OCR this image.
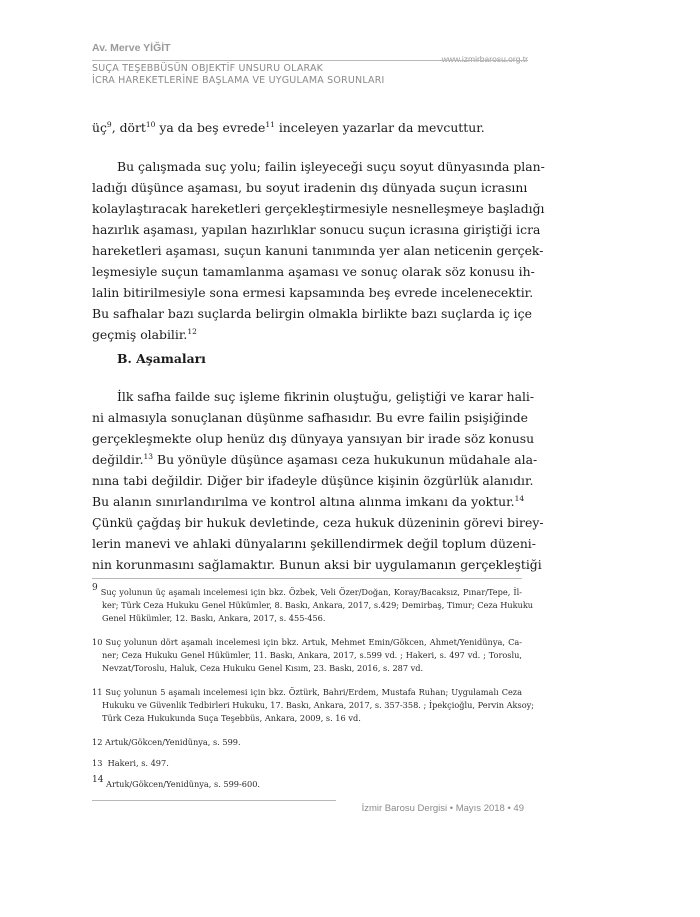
Av. Merve YİĞİT
www.izmirbarosu.org.tr
SUÇA TEŞEBBÜSÜN OBJEKTİF UNSURU OLARAK
İCRA HAREKETLERİNE BAŞLAMA VE UYGULAMA SORUNLARI
$üç^9$, dört$^{10}$ ya da beş evrede$^{11}$ inceleyen yazarlar da mevcuttur.
Bu çalışmada suç yolu; failin işleyeceği suçu soyut dünyasında plan-
ladığı düşünce aşaması, bu soyut iradenin dış dünyada suçun icrasını
kolaylaştıracak hareketleri gerçekleştirmesiyle nesnelleşmeye başladığı
hazırlık aşaması, yapılan hazırlıklar sonucu suçun icrasına giriştiği icra
hareketleri aşaması, suçun kanuni tanımında yer alan neticenin gerçek-
leşmesiyle suçun tamamlanma aşaması ve sonuç olarak söz konusu ih-
lalin bitirilmesiyle sona ermesi kapsamında beş evrede incelenecektir.
Bu safhalar bazı suçlarda belirgin olmakla birlikte bazı suçlarda iç içe
geçmiş olabilir.$^{12}$
B. Aşamaları
İlk safha failde suç işleme fikrinin oluştuğu, geliştiği ve karar hali-
ni almasıyla sonuçlanan düşünme safhasıdır. Bu evre failin psişiğinde
gerçekleşmekte olup henüz dış dünyaya yansıyan bir irade söz konusu
değildir.$^{13}$ Bu yönüyle düşünce aşaması ceza hukukunun müdahale ala-
nına tabi değildir. Diğer bir ifadeyle düşünce kişinin özgürlük alanıdır.
Bu alanın sınırlandırılma ve kontrol altına alınma imkanı da yoktur.$^{14}$
Çünkü çağdaş bir hukuk devletinde, ceza hukuk düzeninin görevi birey-
lerin manevi ve ahlaki dünyalarını şekillendirmek değil toplum düzeni-
nin korunmasını sağlamaktır. Bunun aksi bir uygulamanın gerçekleştiği
$^9$ Suç yolunun üç aşamalı incelemesi için bkz. Özbek, Veli Özer/Doğan, Koray/Bacaksız, Pınar/Tepe, İl-
ker; Türk Ceza Hukuku Genel Hükümler, 8. Baskı, Ankara, 2017, s.429; Demirbaş, Timur; Ceza Hukuku
Genel Hükümler, 12. Baskı, Ankara, 2017, s. 455-456.
10 Suç yolunun dört aşamalı incelemesi için bkz. Artuk, Mehmet Emin/Gökcen, Ahmet/Yenidünya, Ca-
ner; Ceza Hukuku Genel Hükümler, 11. Baskı, Ankara, 2017, s.599 vd. ; Hakeri, s. 497 vd. ; Toroslu,
Nevzat/Toroslu, Haluk, Ceza Hukuku Genel Kısım, 23. Baskı, 2016, s. 287 vd.
11 Suç yolunun 5 aşamalı incelemesi için bkz. Öztürk, Bahri/Erdem, Mustafa Ruhan; Uygulamalı Ceza
Hukuku ve Güvenlik Tedbirleri Hukuku, 17. Baskı, Ankara, 2017, s. 357-358. ; İpekçioğlu, Pervin Aksoy;
Türk Ceza Hukukunda Suça Teşebbüs, Ankara, 2009, s. 16 vd.
12 Artuk/Gökcen/Yenidünya, s. 599.
13  Hakeri, s. 497.
$^{14}$ Artuk/Gökcen/Yenidünya, s. 599-600.
İzmir Barosu Dergisi • Mayıs 2018 • 49
